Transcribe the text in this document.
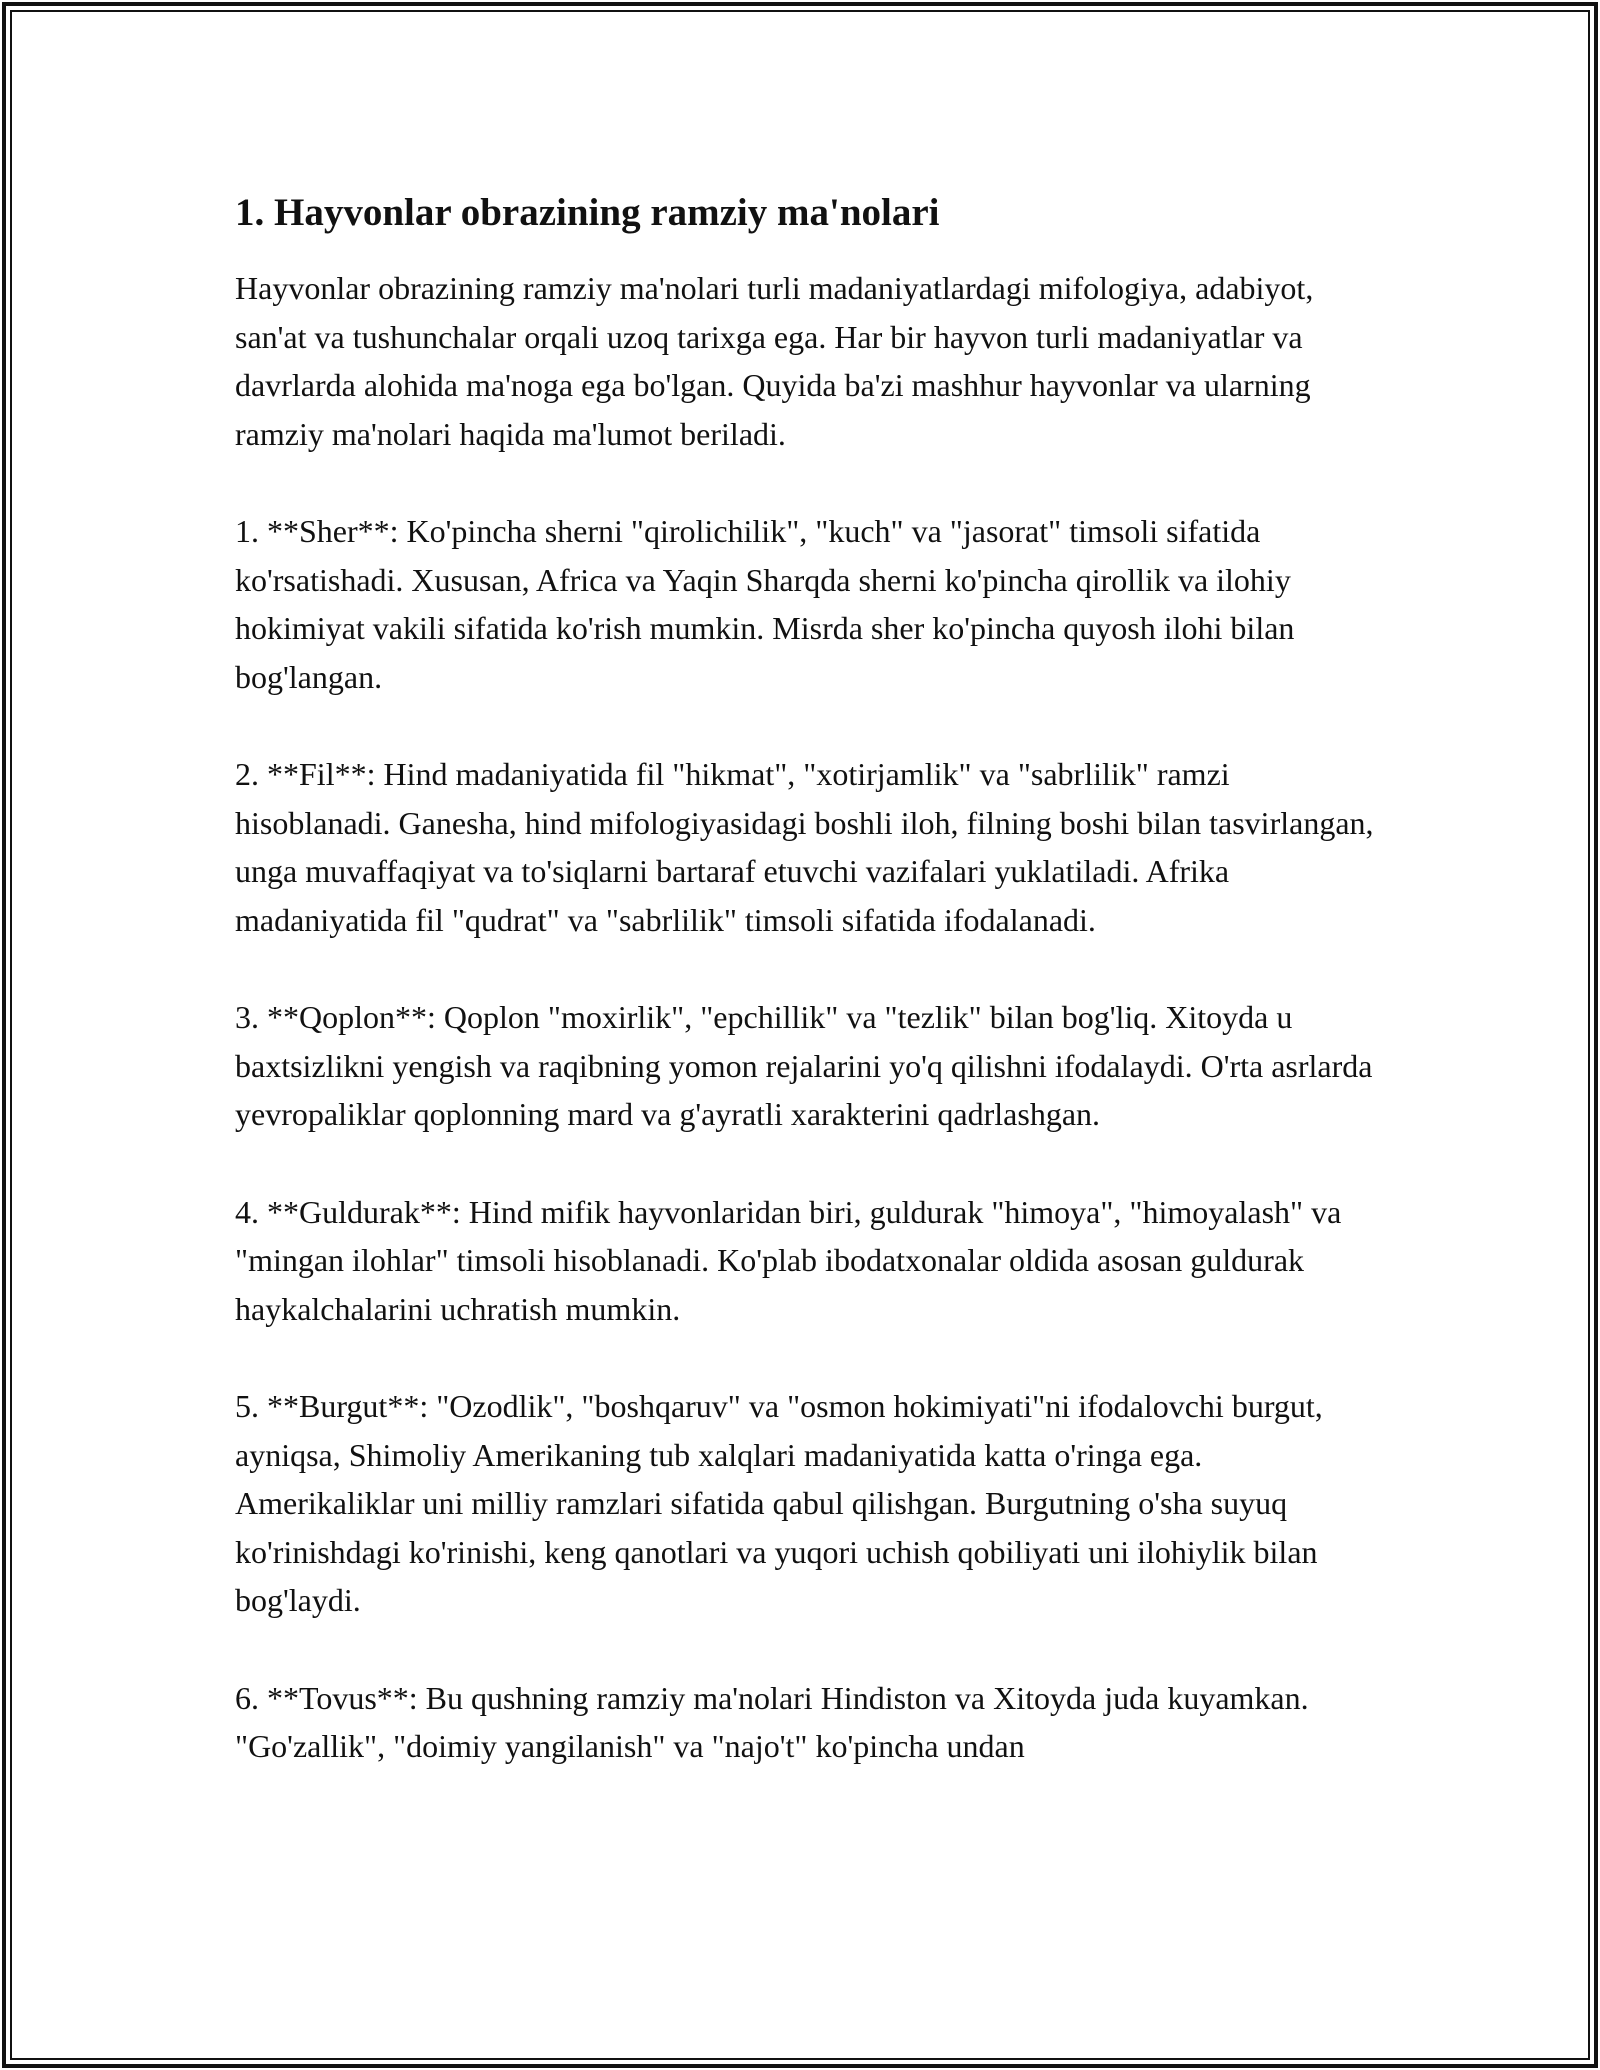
1. Hayvonlar obrazining ramziy ma'nolari

Hayvonlar obrazining ramziy ma'nolari turli madaniyatlardagi mifologiya, adabiyot, san'at va tushunchalar orqali uzoq tarixga ega. Har bir hayvon turli madaniyatlar va davrlarda alohida ma'noga ega bo'lgan. Quyida ba'zi mashhur hayvonlar va ularning ramziy ma'nolari haqida ma'lumot beriladi.

1. **Sher**: Ko'pincha sherni "qirolichilik", "kuch" va "jasorat" timsoli sifatida ko'rsatishadi. Xususan, Africa va Yaqin Sharqda sherni ko'pincha qirollik va ilohiy hokimiyat vakili sifatida ko'rish mumkin. Misrda sher ko'pincha quyosh ilohi bilan bog'langan.

2. **Fil**: Hind madaniyatida fil "hikmat", "xotirjamlik" va "sabrlilik" ramzi hisoblanadi. Ganesha, hind mifologiyasidagi boshli iloh, filning boshi bilan tasvirlangan, unga muvaffaqiyat va to'siqlarni bartaraf etuvchi vazifalari yuklatiladi. Afrika madaniyatida fil "qudrat" va "sabrlilik" timsoli sifatida ifodalanadi.

3. **Qoplon**: Qoplon "moxirlik", "epchillik" va "tezlik" bilan bog'liq. Xitoyda u baxtsizlikni yengish va raqibning yomon rejalarini yo'q qilishni ifodalaydi. O'rta asrlarda yevropaliklar qoplonning mard va g'ayratli xarakterini qadrlashgan.

4. **Guldurak**: Hind mifik hayvonlaridan biri, guldurak "himoya", "himoyalash" va "mingan ilohlar" timsoli hisoblanadi. Ko'plab ibodatxonalar oldida asosan guldurak haykalchalarini uchratish mumkin.

5. **Burgut**: "Ozodlik", "boshqaruv" va "osmon hokimiyati"ni ifodalovchi burgut, ayniqsa, Shimoliy Amerikaning tub xalqlari madaniyatida katta o'ringa ega. Amerikaliklar uni milliy ramzlari sifatida qabul qilishgan. Burgutning o'sha suyuq ko'rinishdagi ko'rinishi, keng qanotlari va yuqori uchish qobiliyati uni ilohiylik bilan bog'laydi.

6. **Tovus**: Bu qushning ramziy ma'nolari Hindiston va Xitoyda juda kuyamkan. "Go'zallik", "doimiy yangilanish" va "najo't" ko'pincha undan
